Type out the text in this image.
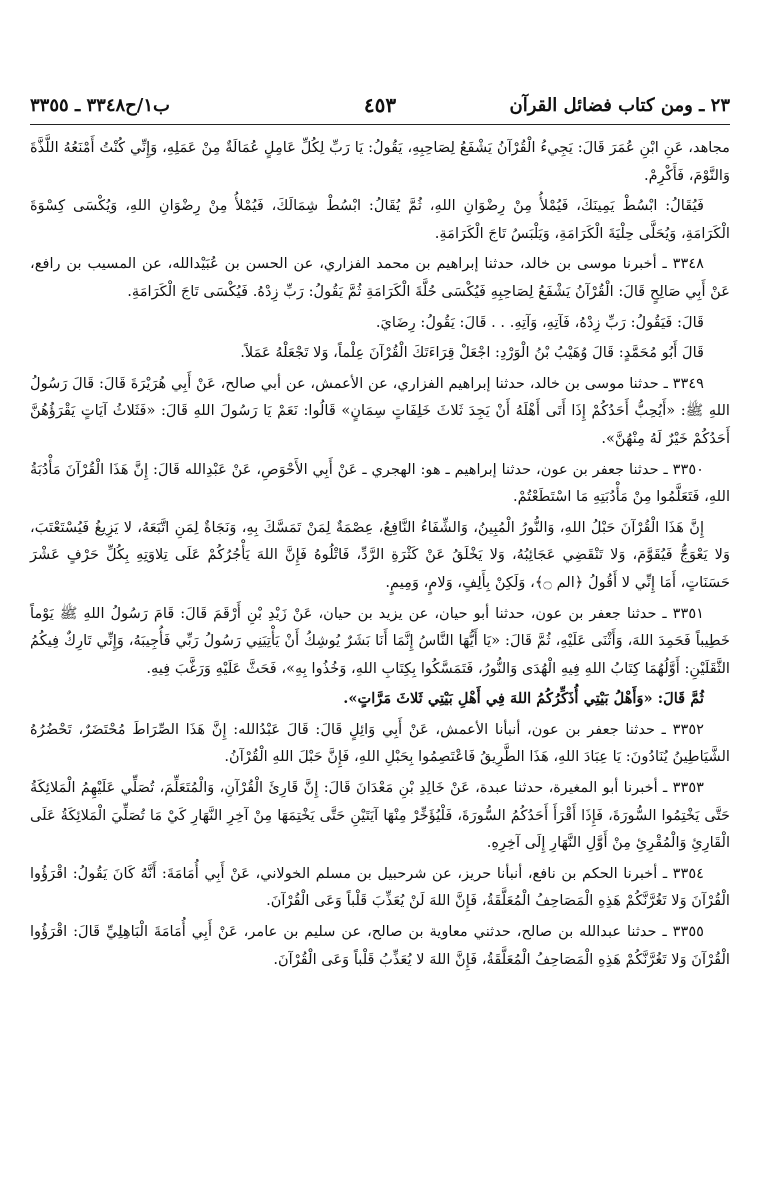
٢٣ ـ ومن كتاب فضائل القرآن
٤٥٣
ب١/ح٣٣٤٨ ـ ٣٣٥٥

مجاهد، عَنِ ابْنِ عُمَرَ قَالَ: يَجِيءُ الْقُرْآنُ يَشْفَعُ لِصَاحِبِهِ، يَقُولُ: يَا رَبِّ لِكُلِّ عَامِلٍ عُمَالَةٌ مِنْ عَمَلِهِ، وَإِنِّي كُنْتُ أَمْنَعُهُ اللَّذَّةَ وَالنَّوْمَ، فَأَكْرِمْ.

فَيُقَالُ: ابْسُطْ يَمِينَكَ، فَيُمْلأُ مِنْ رِضْوَانِ اللهِ، ثُمَّ يُقَالُ: ابْسُطْ شِمَالَكَ، فَيُمْلأُ مِنْ رِضْوَانِ اللهِ، وَيُكْسَى كِسْوَةَ الْكَرَامَةِ، وَيُحَلَّى حِلْيَةَ الْكَرَامَةِ، وَيَلْبَسُ تَاجَ الْكَرَامَةِ.

٣٣٤٨ ـ أخبرنا موسى بن خالد، حدثنا إبراهيم بن محمد الفزاري، عن الحسن بن عُبَيْدالله، عن المسيب بن رافع، عَنْ أَبِي صَالِحٍ قَالَ: الْقُرْآنُ يَشْفَعُ لِصَاحِبِهِ فَيُكْسَى حُلَّةَ الْكَرَامَةِ ثُمَّ يَقُولُ: رَبِّ زِدْهُ. فَيُكْسَى تَاجَ الْكَرَامَةِ.

قَالَ: فَيَقُولُ: رَبِّ زِدْهُ، فَآتِهِ، وَآتِهِ. . . قَالَ: يَقُولُ: رِضَايَ.

قَالَ أَبُو مُحَمَّدٍ: قَالَ وُهَيْبُ بْنُ الْوَرْدِ: اجْعَلْ قِرَاءَتَكَ الْقُرْآنَ عِلْماً، وَلا تَجْعَلْهُ عَمَلاً.

٣٣٤٩ ـ حدثنا موسى بن خالد، حدثنا إبراهيم الفزاري، عن الأعمش، عن أبي صالح، عَنْ أَبِي هُرَيْرَةَ قَالَ: قَالَ رَسُولُ اللهِ ﷺ: «أَيُحِبُّ أَحَدُكُمْ إِذَا أَتَى أَهْلَهُ أَنْ يَجِدَ ثَلاثَ خَلِفَاتٍ سِمَانٍ» قَالُوا: نَعَمْ يَا رَسُولَ اللهِ قَالَ: «فَثَلاثُ آيَاتٍ يَقْرَؤُهُنَّ أَحَدُكُمْ خَيْرٌ لَهُ مِنْهُنَّ».

٣٣٥٠ ـ حدثنا جعفر بن عون، حدثنا إبراهيم ـ هو: الهجري ـ عَنْ أَبِي الأَحْوَصِ، عَنْ عَبْدِالله قَالَ: إِنَّ هَذَا الْقُرْآنَ مَأْدُبَةُ اللهِ، فَتَعَلَّمُوا مِنْ مَأْدُبَتِهِ مَا اسْتَطَعْتُمْ.

إِنَّ هَذَا الْقُرْآنَ حَبْلُ اللهِ، وَالنُّورُ الْمُبِينُ، وَالشِّفَاءُ النَّافِعُ، عِصْمَةٌ لِمَنْ تَمَسَّكَ بِهِ، وَنَجَاةٌ لِمَنِ اتَّبَعَهُ، لا يَزِيغُ فَيُسْتَعْتَبَ، وَلا يَعْوَجُّ فَيُقَوَّمَ، وَلا تَنْقَضِي عَجَائِبُهُ، وَلا يَخْلَقُ عَنْ كَثْرَةِ الرَّدِّ، فَاتْلُوهُ فَإِنَّ اللهَ يَأْجُرُكُمْ عَلَى تِلاوَتِهِ بِكُلِّ حَرْفٍ عَشْرَ حَسَنَاتٍ، أَمَا إِنِّي لا أَقُولُ ﴿الم ۝﴾، وَلَكِنْ بِأَلِفٍ، وَلامٍ، وَمِيمٍ.

٣٣٥١ ـ حدثنا جعفر بن عون، حدثنا أبو حيان، عن يزيد بن حيان، عَنْ زَيْدِ بْنِ أَرْقَمَ قَالَ: قَامَ رَسُولُ اللهِ ﷺ يَوْماً خَطِيباً فَحَمِدَ اللهَ، وَأَثْنَى عَلَيْهِ، ثُمَّ قَالَ: «يَا أَيُّهَا النَّاسُ إِنَّمَا أَنَا بَشَرٌ يُوشِكُ أَنْ يَأْتِيَنِي رَسُولُ رَبِّي فَأُجِيبَهُ، وَإِنِّي تَارِكٌ فِيكُمُ الثَّقَلَيْنِ: أَوَّلُهُمَا كِتَابُ اللهِ فِيهِ الْهُدَى وَالنُّورُ، فَتَمَسَّكُوا بِكِتَابِ اللهِ، وَخُذُوا بِهِ»، فَحَثَّ عَلَيْهِ وَرَغَّبَ فِيهِ.

ثُمَّ قَالَ: «وَأَهْلُ بَيْتِي أُذَكِّرُكُمُ اللهَ فِي أَهْلِ بَيْتِي ثَلاثَ مَرَّاتٍ».

٣٣٥٢ ـ حدثنا جعفر بن عون، أنبأنا الأعمش، عَنْ أَبِي وَائِلٍ قَالَ: قَالَ عَبْدُالله: إِنَّ هَذَا الصِّرَاطَ مُحْتَضَرٌ، تَحْضُرُهُ الشَّيَاطِينُ يُنَادُونَ: يَا عِبَادَ اللهِ، هَذَا الطَّرِيقُ فَاعْتَصِمُوا بِحَبْلِ اللهِ، فَإِنَّ حَبْلَ اللهِ الْقُرْآنُ.

٣٣٥٣ ـ أخبرنا أبو المغيرة، حدثنا عبدة، عَنْ خَالِدِ بْنِ مَعْدَانَ قَالَ: إِنَّ قَارِئَ الْقُرْآنِ، وَالْمُتَعَلِّمَ، تُصَلِّي عَلَيْهِمُ الْمَلائِكَةُ حَتَّى يَخْتِمُوا السُّورَةَ، فَإِذَا أَقْرَأَ أَحَدُكُمُ السُّورَةَ، فَلْيُؤَخِّرْ مِنْهَا آيَتَيْنِ حَتَّى يَخْتِمَهَا مِنْ آخِرِ النَّهَارِ كَيْ مَا تُصَلِّيَ الْمَلائِكَةُ عَلَى الْقَارِئِ وَالْمُقْرِئِ مِنْ أَوَّلِ النَّهَارِ إِلَى آخِرِهِ.

٣٣٥٤ ـ أخبرنا الحكم بن نافع، أنبأنا حريز، عن شرحبيل بن مسلم الخولاني، عَنْ أَبِي أُمَامَةَ: أَنَّهُ كَانَ يَقُولُ: اقْرَؤُوا الْقُرْآنَ وَلا تَغُرَّنَّكُمْ هَذِهِ الْمَصَاحِفُ الْمُعَلَّقَةُ، فَإِنَّ اللهَ لَنْ يُعَذِّبَ قَلْباً وَعَى الْقُرْآنَ.

٣٣٥٥ ـ حدثنا عبدالله بن صالح، حدثني معاوية بن صالح، عن سليم بن عامر، عَنْ أَبِي أُمَامَةَ الْبَاهِلِيِّ قَالَ: اقْرَؤُوا الْقُرْآنَ وَلا تَغُرَّنَّكُمْ هَذِهِ الْمَصَاحِفُ الْمُعَلَّقَةُ، فَإِنَّ اللهَ لا يُعَذِّبُ قَلْباً وَعَى الْقُرْآنَ.
